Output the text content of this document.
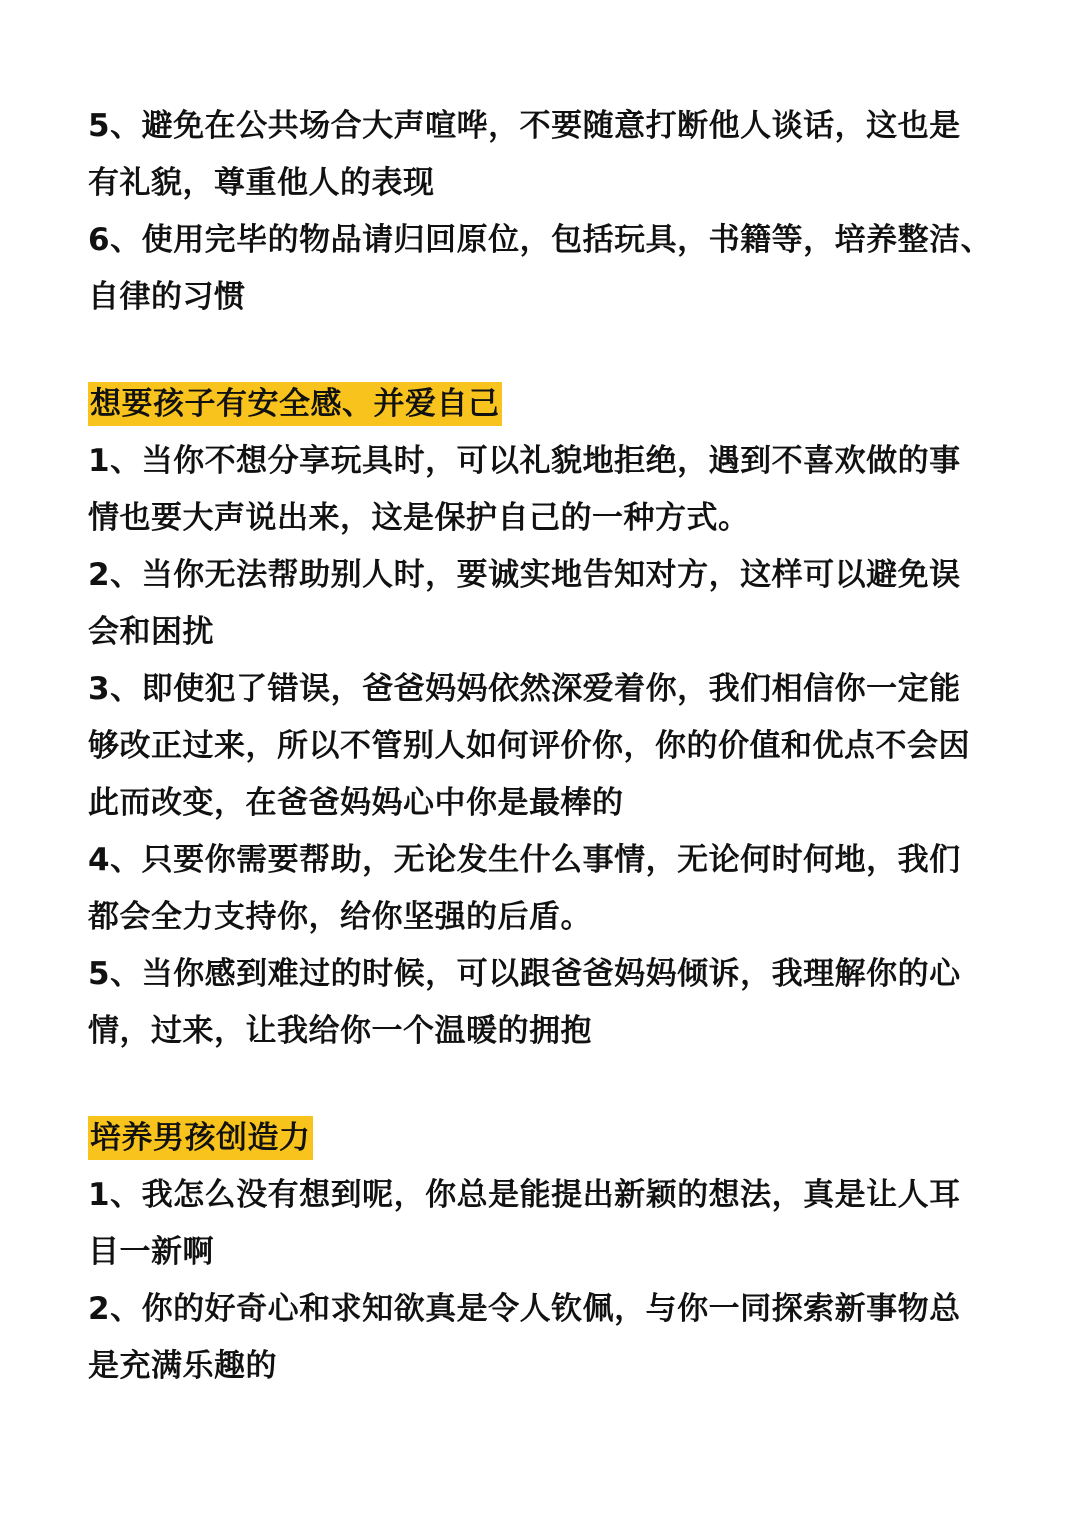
5、避免在公共场合大声喧哗，不要随意打断他人谈话，这也是
有礼貌，尊重他人的表现

6、使用完毕的物品请归回原位，包括玩具，书籍等，培养整洁、
自律的习惯

想要孩子有安全感、并爱自己

1、当你不想分享玩具时，可以礼貌地拒绝，遇到不喜欢做的事
情也要大声说出来，这是保护自己的一种方式。

2、当你无法帮助别人时，要诚实地告知对方，这样可以避免误
会和困扰

3、即使犯了错误，爸爸妈妈依然深爱着你，我们相信你一定能
够改正过来，所以不管别人如何评价你，你的价值和优点不会因
此而改变，在爸爸妈妈心中你是最棒的

4、只要你需要帮助，无论发生什么事情，无论何时何地，我们
都会全力支持你，给你坚强的后盾。

5、当你感到难过的时候，可以跟爸爸妈妈倾诉，我理解你的心
情，过来，让我给你一个温暖的拥抱

培养男孩创造力

1、我怎么没有想到呢，你总是能提出新颖的想法，真是让人耳
目一新啊

2、你的好奇心和求知欲真是令人钦佩，与你一同探索新事物总
是充满乐趣的
